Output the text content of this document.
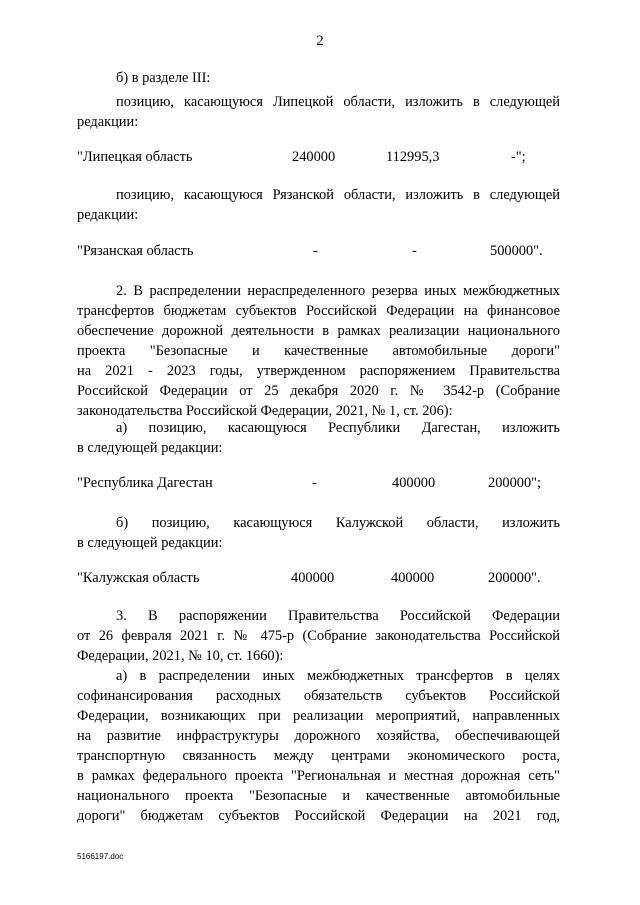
2
б) в разделе III:
позицию, касающуюся Липецкой области, изложить в следующей
редакции:
"Липецкая область	240000	112995,3	-";
позицию, касающуюся Рязанской области, изложить в следующей
редакции:
"Рязанская область	-	-	500000".
2. В распределении нераспределенного резерва иных межбюджетных
трансфертов бюджетам субъектов Российской Федерации на финансовое
обеспечение дорожной деятельности в рамках реализации национального
проекта "Безопасные и качественные автомобильные дороги"
на 2021 - 2023 годы, утвержденном распоряжением Правительства
Российской Федерации от 25 декабря 2020 г. № 3542-р (Собрание
законодательства Российской Федерации, 2021, № 1, ст. 206):
а) позицию, касающуюся Республики Дагестан, изложить
в следующей редакции:
"Республика Дагестан	-	400000	200000";
б) позицию, касающуюся Калужской области, изложить
в следующей редакции:
"Калужская область	400000	400000	200000".
3. В распоряжении Правительства Российской Федерации
от 26 февраля 2021 г. № 475-р (Собрание законодательства Российской
Федерации, 2021, № 10, ст. 1660):
а) в распределении иных межбюджетных трансфертов в целях
софинансирования расходных обязательств субъектов Российской
Федерации, возникающих при реализации мероприятий, направленных
на развитие инфраструктуры дорожного хозяйства, обеспечивающей
транспортную связанность между центрами экономического роста,
в рамках федерального проекта "Региональная и местная дорожная сеть"
национального проекта "Безопасные и качественные автомобильные
дороги" бюджетам субъектов Российской Федерации на 2021 год,
5166197.doc
